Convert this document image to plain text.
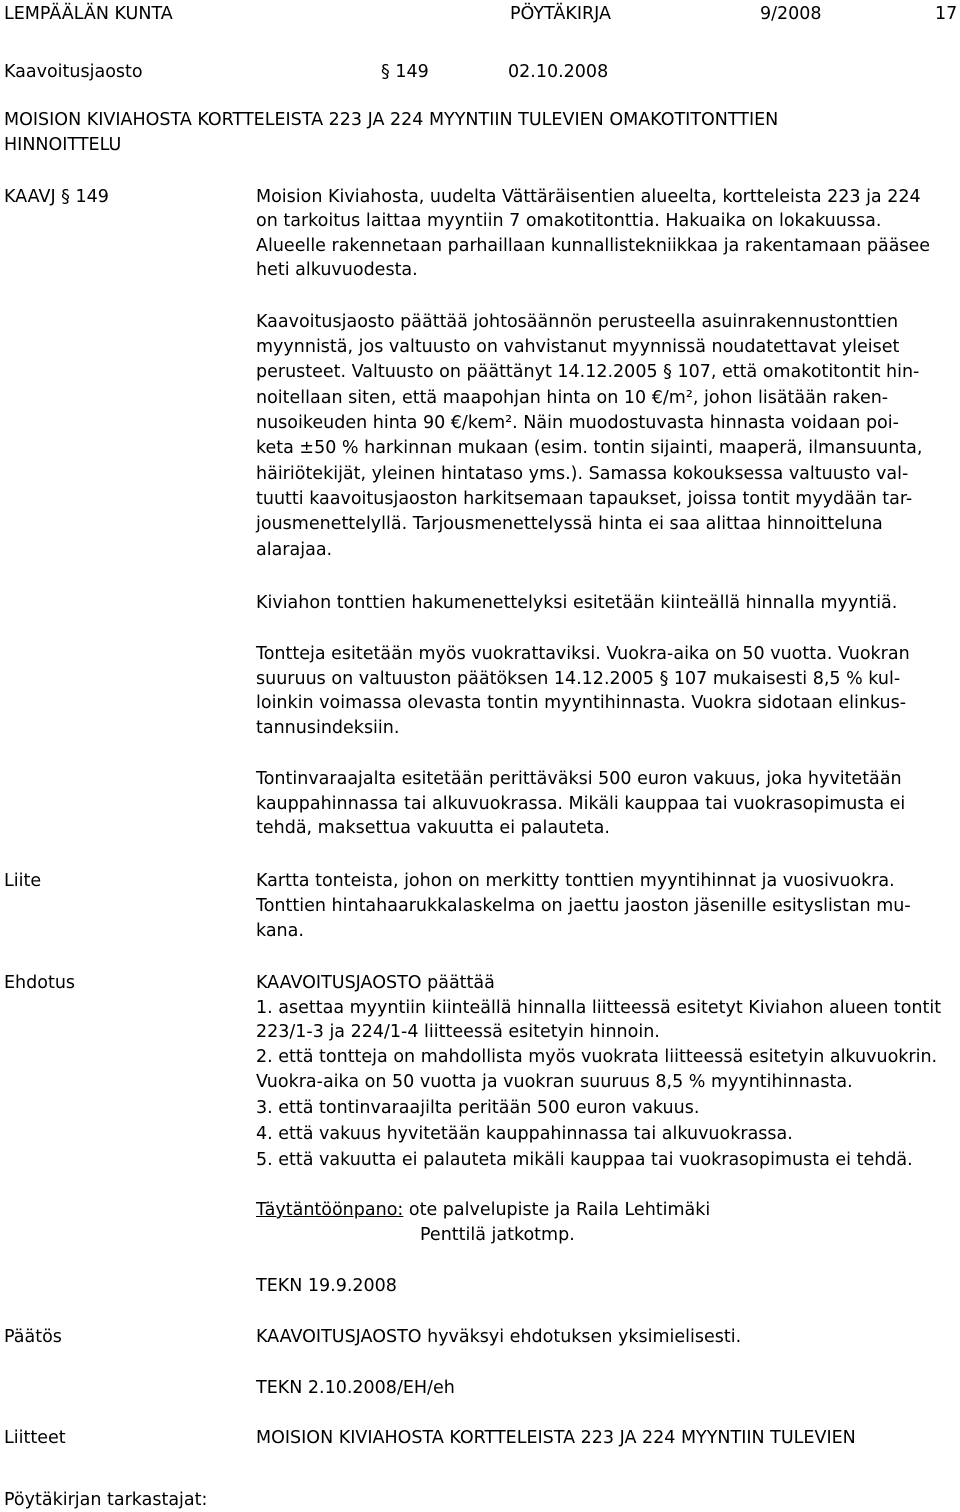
LEMPÄÄLÄN KUNTA	PÖYTÄKIRJA	9/2008	17
Kaavoitusjaosto	§ 149	02.10.2008
MOISION KIVIAHOSTA KORTTELEISTA 223 JA 224 MYYNTIIN TULEVIEN OMAKOTITONTTIEN
HINNOITTELU
KAAVJ § 149	Moision Kiviahosta, uudelta Vättäräisentien alueelta, kortteleista 223 ja 224
on tarkoitus laittaa myyntiin 7 omakotitonttia. Hakuaika on lokakuussa.
Alueelle rakennetaan parhaillaan kunnallistekniikkaa ja rakentamaan pääsee
heti alkuvuodesta.
Kaavoitusjaosto päättää johtosäännön perusteella asuinrakennustonttien
myynnistä, jos valtuusto on vahvistanut myynnissä noudatettavat yleiset
perusteet. Valtuusto on päättänyt 14.12.2005 § 107, että omakotitontit hin-
noitellaan siten, että maapohjan hinta on 10 €/m², johon lisätään raken-
nusoikeuden hinta 90 €/kem². Näin muodostuvasta hinnasta voidaan poi-
keta ±50 % harkinnan mukaan (esim. tontin sijainti, maaperä, ilmansuunta,
häiriötekijät, yleinen hintataso yms.). Samassa kokouksessa valtuusto val-
tuutti kaavoitusjaoston harkitsemaan tapaukset, joissa tontit myydään tar-
jousmenettelyllä. Tarjousmenettelyssä hinta ei saa alittaa hinnoitteluna
alarajaa.
Kiviahon tonttien hakumenettelyksi esitetään kiinteällä hinnalla myyntiä.
Tontteja esitetään myös vuokrattaviksi. Vuokra-aika on 50 vuotta. Vuokran
suuruus on valtuuston päätöksen 14.12.2005 § 107 mukaisesti 8,5 % kul-
loinkin voimassa olevasta tontin myyntihinnasta. Vuokra sidotaan elinkus-
tannusindeksiin.
Tontinvaraajalta esitetään perittäväksi 500 euron vakuus, joka hyvitetään
kauppahinnassa tai alkuvuokrassa. Mikäli kauppaa tai vuokrasopimusta ei
tehdä, maksettua vakuutta ei palauteta.
Liite	Kartta tonteista, johon on merkitty tonttien myyntihinnat ja vuosivuokra.
Tonttien hintahaarukkalaskelma on jaettu jaoston jäsenille esityslistan mu-
kana.
Ehdotus	KAAVOITUSJAOSTO päättää
1. asettaa myyntiin kiinteällä hinnalla liitteessä esitetyt Kiviahon alueen tontit
223/1-3 ja 224/1-4 liitteessä esitetyin hinnoin.
2. että tontteja on mahdollista myös vuokrata liitteessä esitetyin alkuvuokrin.
Vuokra-aika on 50 vuotta ja vuokran suuruus 8,5 % myyntihinnasta.
3. että tontinvaraajilta peritään 500 euron vakuus.
4. että vakuus hyvitetään kauppahinnassa tai alkuvuokrassa.
5. että vakuutta ei palauteta mikäli kauppaa tai vuokrasopimusta ei tehdä.
Täytäntöönpano: ote palvelupiste ja Raila Lehtimäki
Penttilä jatkotmp.
TEKN 19.9.2008
Päätös	KAAVOITUSJAOSTO hyväksyi ehdotuksen yksimielisesti.
TEKN 2.10.2008/EH/eh
Liitteet	MOISION KIVIAHOSTA KORTTELEISTA 223 JA 224 MYYNTIIN TULEVIEN
Pöytäkirjan tarkastajat:
